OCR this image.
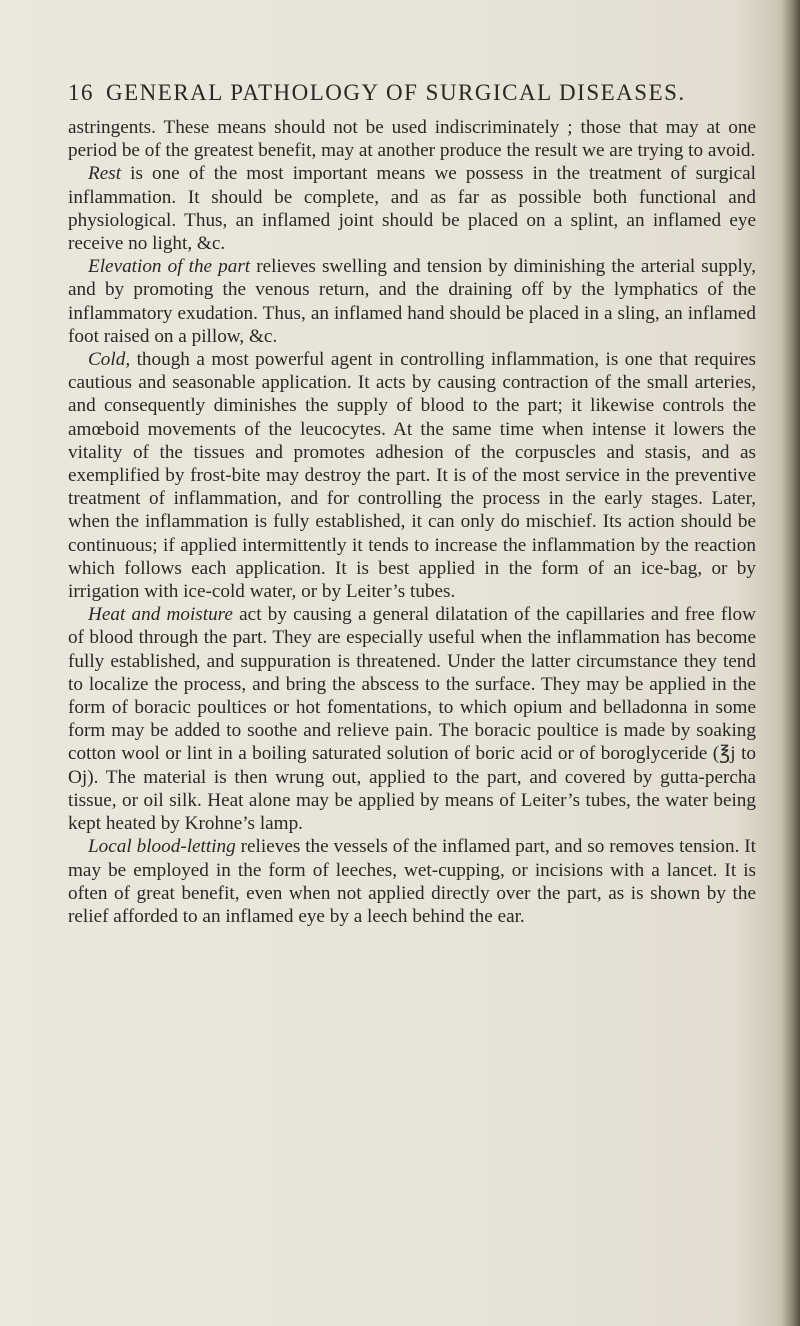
16 GENERAL PATHOLOGY OF SURGICAL DISEASES.

astringents. These means should not be used indiscriminately ; those that may at one period be of the greatest benefit, may at another produce the result we are trying to avoid.

Rest is one of the most important means we possess in the treatment of surgical inflammation. It should be complete, and as far as possible both functional and physiological. Thus, an inflamed joint should be placed on a splint, an inflamed eye receive no light, &c.

Elevation of the part relieves swelling and tension by diminishing the arterial supply, and by promoting the venous return, and the draining off by the lymphatics of the inflammatory exudation. Thus, an inflamed hand should be placed in a sling, an inflamed foot raised on a pillow, &c.

Cold, though a most powerful agent in controlling inflammation, is one that requires cautious and seasonable application. It acts by causing contraction of the small arteries, and consequently diminishes the supply of blood to the part; it likewise controls the amœboid movements of the leucocytes. At the same time when intense it lowers the vitality of the tissues and promotes adhesion of the corpuscles and stasis, and as exemplified by frost-bite may destroy the part. It is of the most service in the preventive treatment of inflammation, and for controlling the process in the early stages. Later, when the inflammation is fully established, it can only do mischief. Its action should be continuous; if applied intermittently it tends to increase the inflammation by the reaction which follows each application. It is best applied in the form of an ice-bag, or by irrigation with ice-cold water, or by Leiter’s tubes.

Heat and moisture act by causing a general dilatation of the capillaries and free flow of blood through the part. They are especially useful when the inflammation has become fully established, and suppuration is threatened. Under the latter circumstance they tend to localize the process, and bring the abscess to the surface. They may be applied in the form of boracic poultices or hot fomentations, to which opium and belladonna in some form may be added to soothe and relieve pain. The boracic poultice is made by soaking cotton wool or lint in a boiling saturated solution of boric acid or of boroglyceride (℥j to Oj). The material is then wrung out, applied to the part, and covered by gutta-percha tissue, or oil silk. Heat alone may be applied by means of Leiter’s tubes, the water being kept heated by Krohne’s lamp.

Local blood-letting relieves the vessels of the inflamed part, and so removes tension. It may be employed in the form of leeches, wet-cupping, or incisions with a lancet. It is often of great benefit, even when not applied directly over the part, as is shown by the relief afforded to an inflamed eye by a leech behind the ear.
